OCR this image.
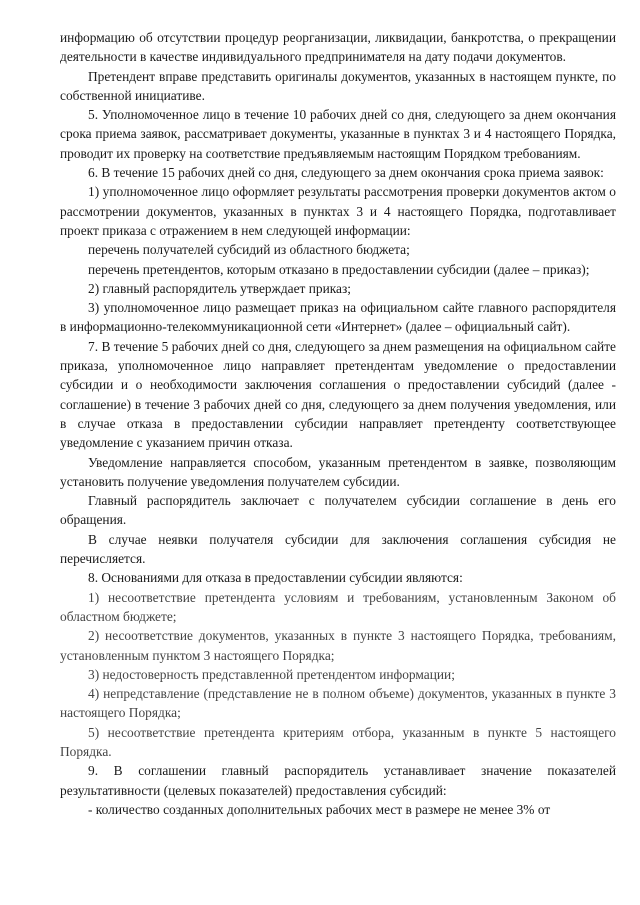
информацию об отсутствии процедур реорганизации, ликвидации, банкротства, о прекращении деятельности в качестве индивидуального предпринимателя на дату подачи документов.

Претендент вправе представить оригиналы документов, указанных в настоящем пункте, по собственной инициативе.

5. Уполномоченное лицо в течение 10 рабочих дней со дня, следующего за днем окончания срока приема заявок, рассматривает документы, указанные в пунктах 3 и 4 настоящего Порядка, проводит их проверку на соответствие предъявляемым настоящим Порядком требованиям.

6. В течение 15 рабочих дней со дня, следующего за днем окончания срока приема заявок:

1) уполномоченное лицо оформляет результаты рассмотрения проверки документов актом о рассмотрении документов, указанных в пунктах 3 и 4 настоящего Порядка, подготавливает проект приказа с отражением в нем следующей информации:

перечень получателей субсидий из областного бюджета;

перечень претендентов, которым отказано в предоставлении субсидии (далее – приказ);

2) главный распорядитель утверждает приказ;

3) уполномоченное лицо размещает приказ на официальном сайте главного распорядителя в информационно-телекоммуникационной сети «Интернет» (далее – официальный сайт).

7. В течение 5 рабочих дней со дня, следующего за днем размещения на официальном сайте приказа, уполномоченное лицо направляет претендентам уведомление о предоставлении субсидии и о необходимости заключения соглашения о предоставлении субсидий (далее - соглашение) в течение 3 рабочих дней со дня, следующего за днем получения уведомления, или в случае отказа в предоставлении субсидии направляет претенденту соответствующее уведомление с указанием причин отказа.

Уведомление направляется способом, указанным претендентом в заявке, позволяющим установить получение уведомления получателем субсидии.

Главный распорядитель заключает с получателем субсидии соглашение в день его обращения.

В случае неявки получателя субсидии для заключения соглашения субсидия не перечисляется.

8. Основаниями для отказа в предоставлении субсидии являются:

1) несоответствие претендента условиям и требованиям, установленным Законом об областном бюджете;

2) несоответствие документов, указанных в пункте 3 настоящего Порядка, требованиям, установленным пунктом 3 настоящего Порядка;

3) недостоверность представленной претендентом информации;

4) непредставление (представление не в полном объеме) документов, указанных в пункте 3 настоящего Порядка;

5) несоответствие претендента критериям отбора, указанным в пункте 5 настоящего Порядка.

9. В соглашении главный распорядитель устанавливает значение показателей результативности (целевых показателей) предоставления субсидий:

- количество созданных дополнительных рабочих мест в размере не менее 3% от
